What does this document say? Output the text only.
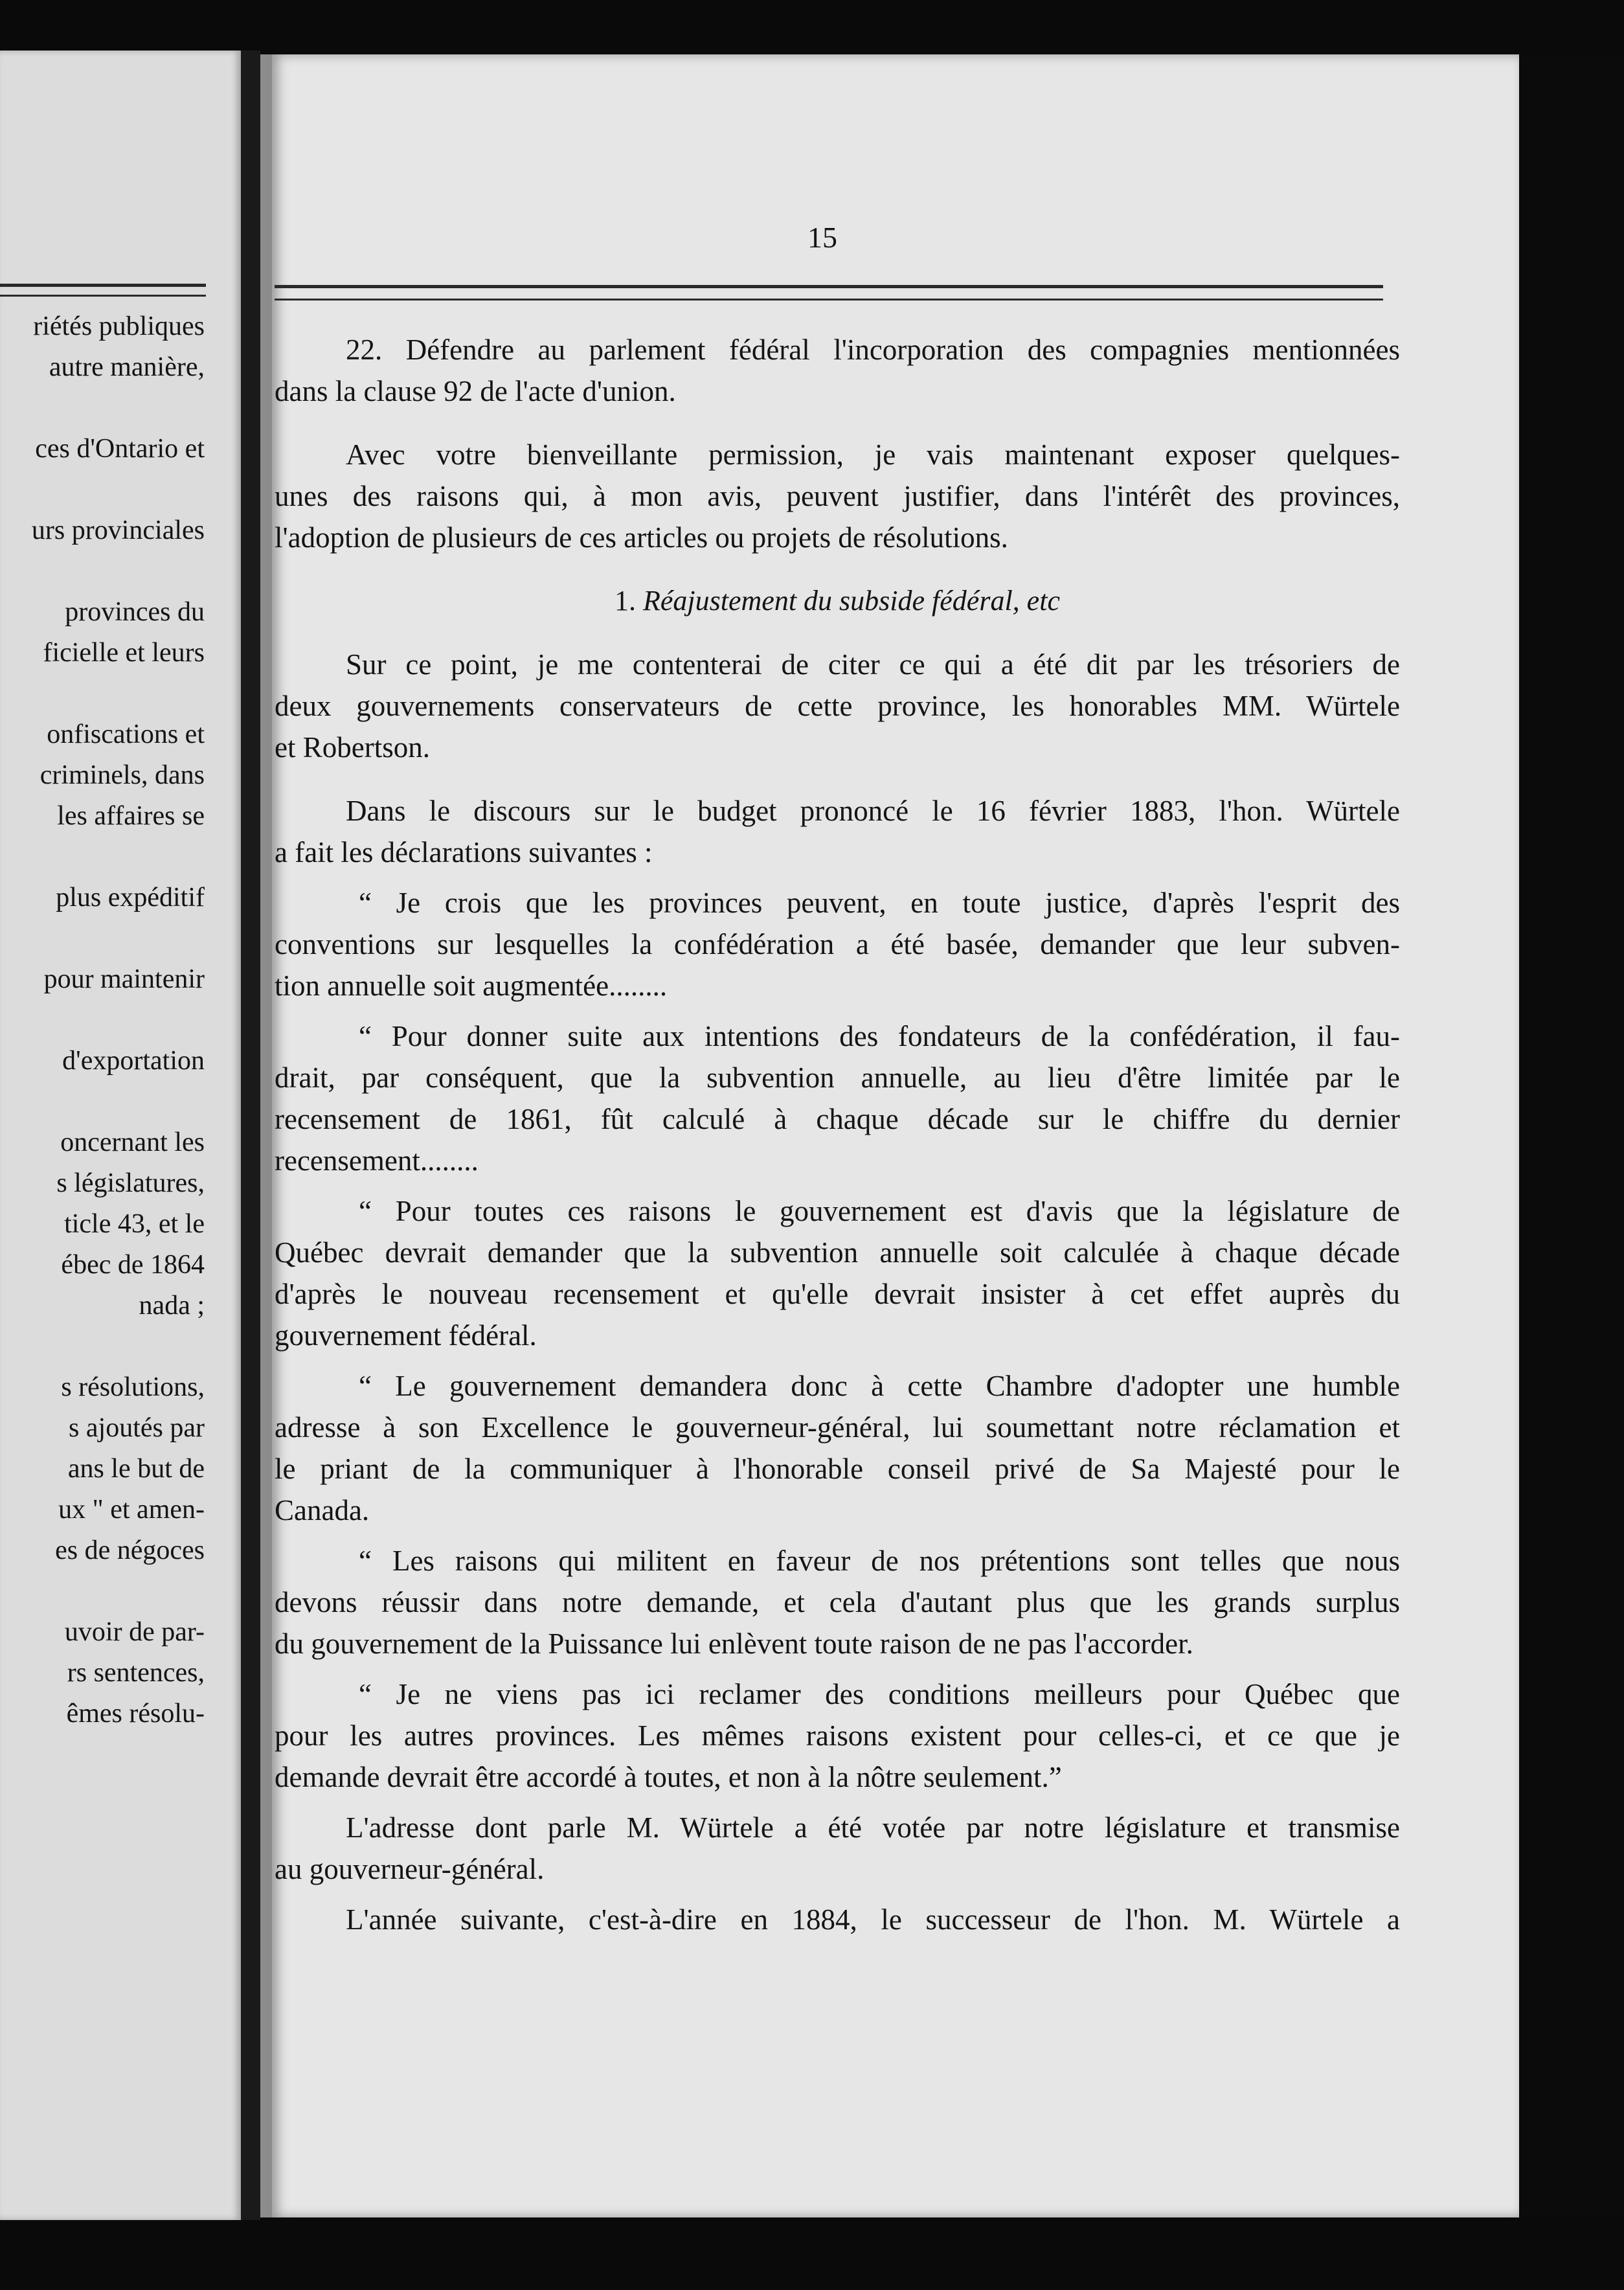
riétés publiques
autre manière,
ces d'Ontario et
urs provinciales
provinces du
ficielle et leurs
onfiscations et
criminels, dans
les affaires se
plus expéditif
pour maintenir
d'exportation
oncernant les
s législatures,
ticle 43, et le
ébec de 1864
nada ;
s résolutions,
s ajoutés par
ans le but de
ux " et amen-
es de négoces
uvoir de par-
rs sentences,
êmes résolu-
15
22. Défendre au parlement fédéral l'incorporation des compagnies mentionnées
dans la clause 92 de l'acte d'union.
Avec votre bienveillante permission, je vais maintenant exposer quelques-
unes des raisons qui, à mon avis, peuvent justifier, dans l'intérêt des provinces,
l'adoption de plusieurs de ces articles ou projets de résolutions.
1. Réajustement du subside fédéral, etc
Sur ce point, je me contenterai de citer ce qui a été dit par les trésoriers de
deux gouvernements conservateurs de cette province, les honorables MM. Würtele
et Robertson.
Dans le discours sur le budget prononcé le 16 février 1883, l'hon. Würtele
a fait les déclarations suivantes :
“ Je crois que les provinces peuvent, en toute justice, d'après l'esprit des
conventions sur lesquelles la confédération a été basée, demander que leur subven-
tion annuelle soit augmentée........
“ Pour donner suite aux intentions des fondateurs de la confédération, il fau-
drait, par conséquent, que la subvention annuelle, au lieu d'être limitée par le
recensement de 1861, fût calculé à chaque décade sur le chiffre du dernier
recensement........
“ Pour toutes ces raisons le gouvernement est d'avis que la législature de
Québec devrait demander que la subvention annuelle soit calculée à chaque décade
d'après le nouveau recensement et qu'elle devrait insister à cet effet auprès du
gouvernement fédéral.
“ Le gouvernement demandera donc à cette Chambre d'adopter une humble
adresse à son Excellence le gouverneur-général, lui soumettant notre réclamation et
le priant de la communiquer à l'honorable conseil privé de Sa Majesté pour le
Canada.
“ Les raisons qui militent en faveur de nos prétentions sont telles que nous
devons réussir dans notre demande, et cela d'autant plus que les grands surplus
du gouvernement de la Puissance lui enlèvent toute raison de ne pas l'accorder.
“ Je ne viens pas ici reclamer des conditions meilleurs pour Québec que
pour les autres provinces. Les mêmes raisons existent pour celles-ci, et ce que je
demande devrait être accordé à toutes, et non à la nôtre seulement.”
L'adresse dont parle M. Würtele a été votée par notre législature et transmise
au gouverneur-général.
L'année suivante, c'est-à-dire en 1884, le successeur de l'hon. M. Würtele a
